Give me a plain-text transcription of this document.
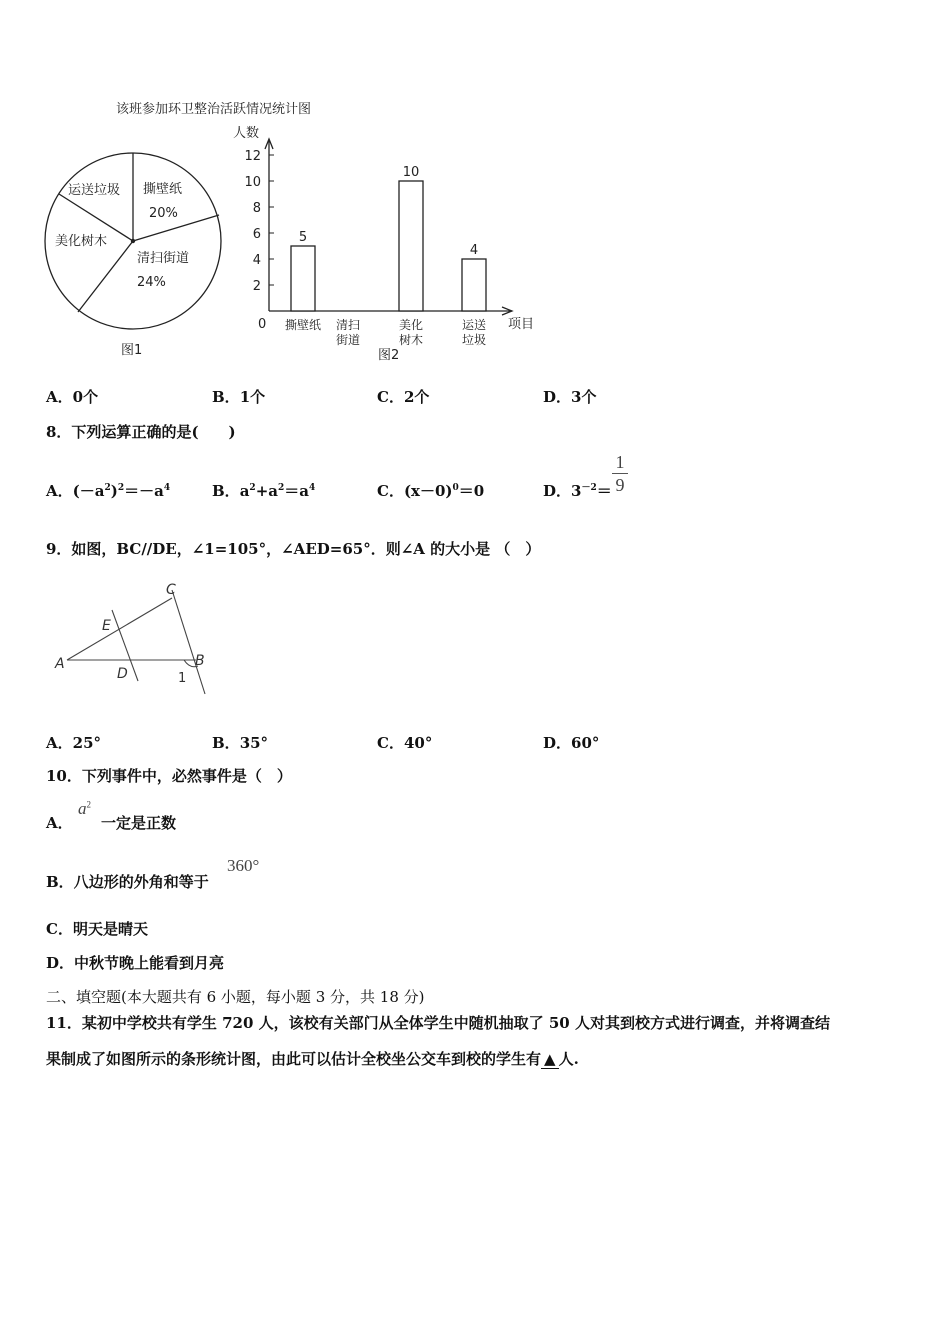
该班参加环卫整治活跃情况统计图
运送垃圾 撕壁纸
20%
美化树木
清扫街道
24%
图1
人数
项目
0
图2
2
4
6
8
10
12
撕壁纸
5
清扫
街道
美化
树木
10
运送
垃圾
4
A．0个	B．1个	C．2个	D．3个
8．下列运算正确的是(　　)
A．$(-a^2)^2=-a^4$	B．$a^2+a^2=a^4$	C．$(x-0)^0=0$	D．$3^{-2}=$
1
9
9．如图，BC//DE，∠1=105°，∠AED=65°．则∠A 的大小是 （　）
C
E
A
D
B
1
A．25°	B．35°	C．40°	D．60°
10．下列事件中，必然事件是（　）
A．
$a^2$
一定是正数
B．八边形的外角和等于
360°
C．明天是晴天
D．中秋节晚上能看到月亮
二、填空题(本大题共有 6 小题，每小题 3 分，共 18 分)
11．某初中学校共有学生 720 人，该校有关部门从全体学生中随机抽取了 50 人对其到校方式进行调查，并将调查结
果制成了如图所示的条形统计图，由此可以估计全校坐公交车到校的学生有 ▲ 人.
